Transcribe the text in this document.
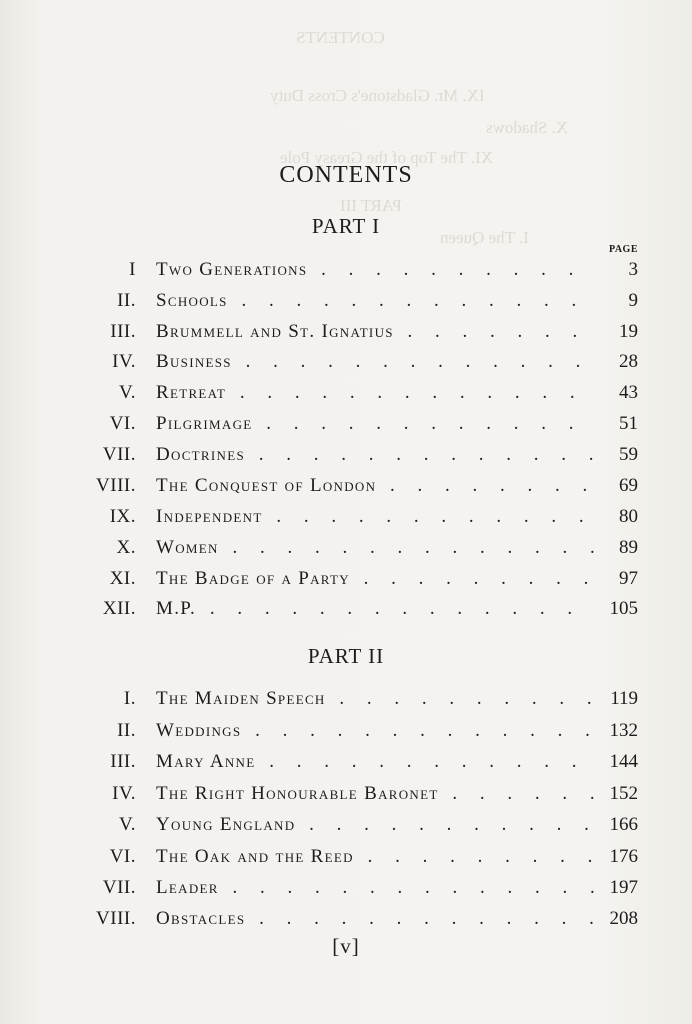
CONTENTS
IX. Mr. Gladstone's Cross Duty
X. Shadows
XI. The Top of the Greasy Pole
PART III
I. The Queen
CONTENTS
PART I
PAGE
I Two Generations . . .	3
II. Schools . . .	9
III. Brummell and St. Ignatius . . .	19
IV. Business . . .	28
V. Retreat . . .	43
VI. Pilgrimage . . .	51
VII. Doctrines . . .	59
VIII. The Conquest of London . . .	69
IX. Independent . . .	80
X. Women . . .	89
XI. The Badge of a Party . . .	97
XII. M.P. . . .	105
PART II
I. The Maiden Speech . . .	119
II. Weddings . . .	132
III. Mary Anne . . .	144
IV. The Right Honourable Baronet . . .	152
V. Young England . . .	166
VI. The Oak and the Reed . . .	176
VII. Leader . . .	197
VIII. Obstacles . . .	208
[v]
